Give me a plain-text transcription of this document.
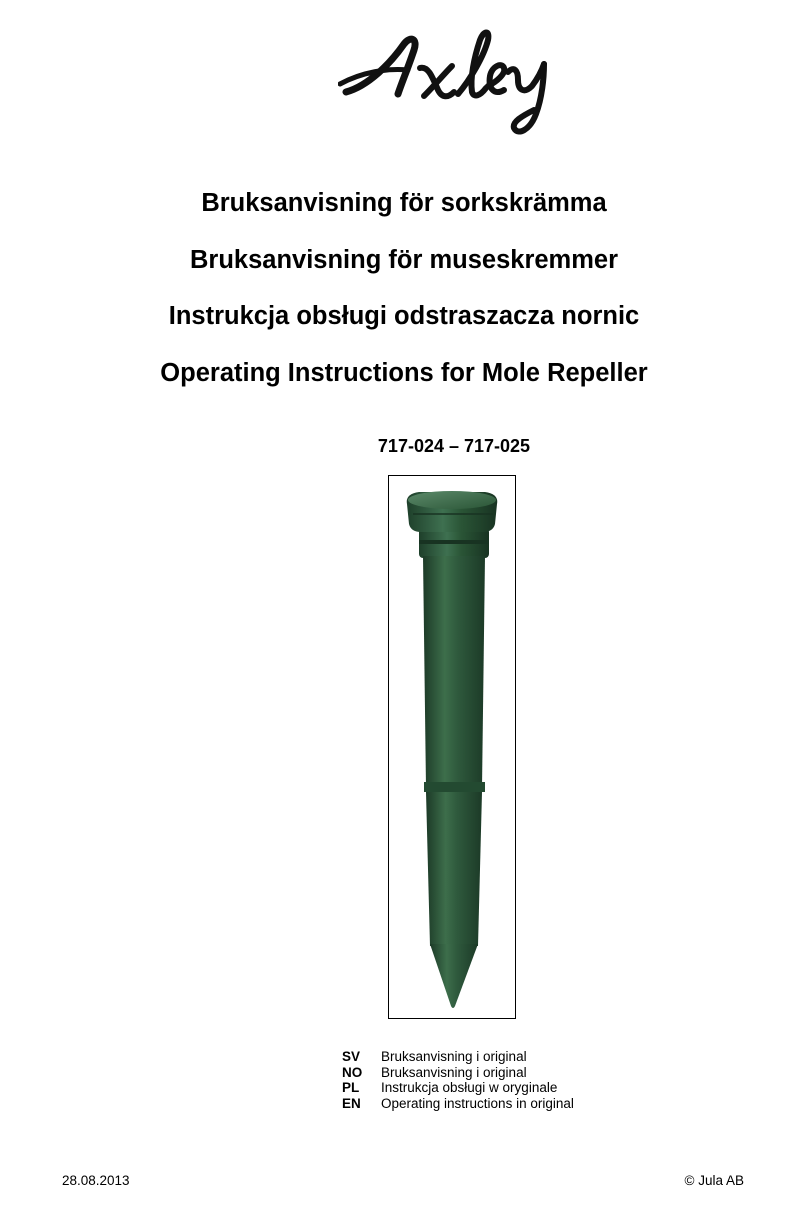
Bruksanvisning för sorkskrämma
Bruksanvisning för museskremmer
Instrukcja obsługi odstraszacza nornic
Operating Instructions for Mole Repeller
717-024 – 717-025
SV Bruksanvisning i original
NO Bruksanvisning i original
PL Instrukcja obsługi w oryginale
EN Operating instructions in original
28.08.2013	© Jula AB
